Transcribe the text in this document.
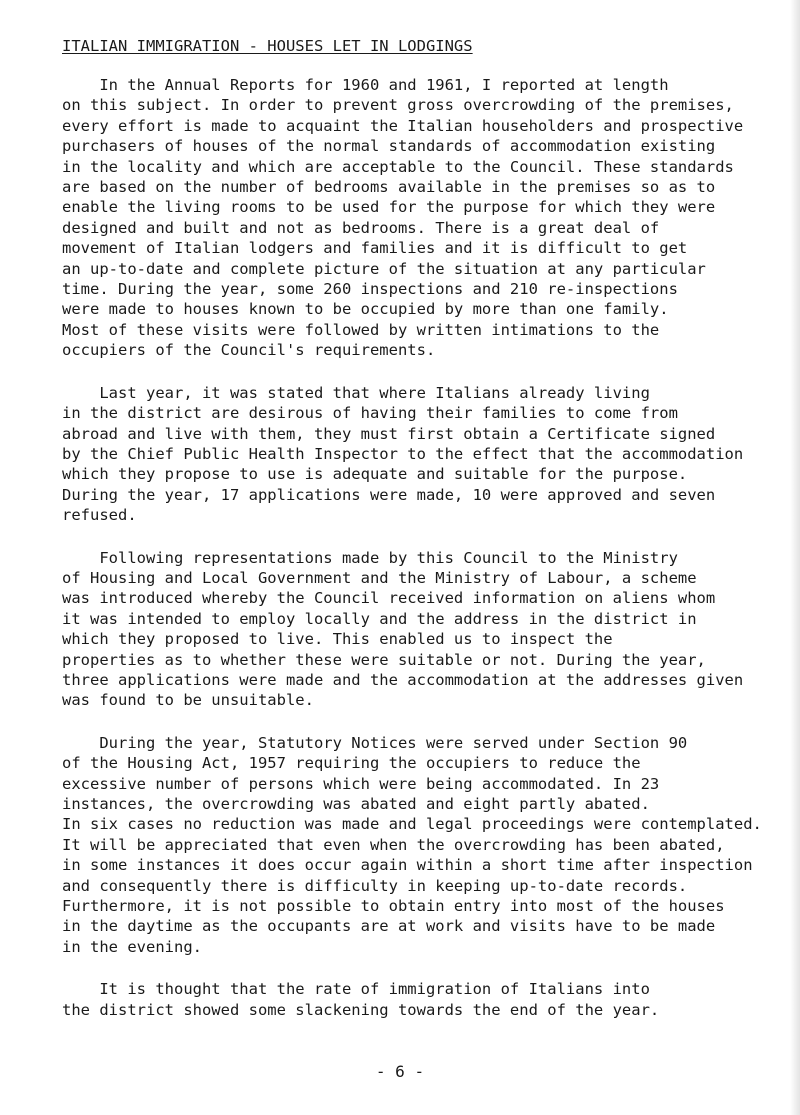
ITALIAN IMMIGRATION - HOUSES LET IN LODGINGS
In the Annual Reports for 1960 and 1961, I reported at length
on this subject. In order to prevent gross overcrowding of the premises,
every effort is made to acquaint the Italian householders and prospective
purchasers of houses of the normal standards of accommodation existing
in the locality and which are acceptable to the Council. These standards
are based on the number of bedrooms available in the premises so as to
enable the living rooms to be used for the purpose for which they were
designed and built and not as bedrooms. There is a great deal of
movement of Italian lodgers and families and it is difficult to get
an up-to-date and complete picture of the situation at any particular
time. During the year, some 260 inspections and 210 re-inspections
were made to houses known to be occupied by more than one family.
Most of these visits were followed by written intimations to the
occupiers of the Council's requirements.
Last year, it was stated that where Italians already living
in the district are desirous of having their families to come from
abroad and live with them, they must first obtain a Certificate signed
by the Chief Public Health Inspector to the effect that the accommodation
which they propose to use is adequate and suitable for the purpose.
During the year, 17 applications were made, 10 were approved and seven
refused.
Following representations made by this Council to the Ministry
of Housing and Local Government and the Ministry of Labour, a scheme
was introduced whereby the Council received information on aliens whom
it was intended to employ locally and the address in the district in
which they proposed to live. This enabled us to inspect the
properties as to whether these were suitable or not. During the year,
three applications were made and the accommodation at the addresses given
was found to be unsuitable.
During the year, Statutory Notices were served under Section 90
of the Housing Act, 1957 requiring the occupiers to reduce the
excessive number of persons which were being accommodated. In 23
instances, the overcrowding was abated and eight partly abated.
In six cases no reduction was made and legal proceedings were contemplated.
It will be appreciated that even when the overcrowding has been abated,
in some instances it does occur again within a short time after inspection
and consequently there is difficulty in keeping up-to-date records.
Furthermore, it is not possible to obtain entry into most of the houses
in the daytime as the occupants are at work and visits have to be made
in the evening.
It is thought that the rate of immigration of Italians into
the district showed some slackening towards the end of the year.
- 6 -
